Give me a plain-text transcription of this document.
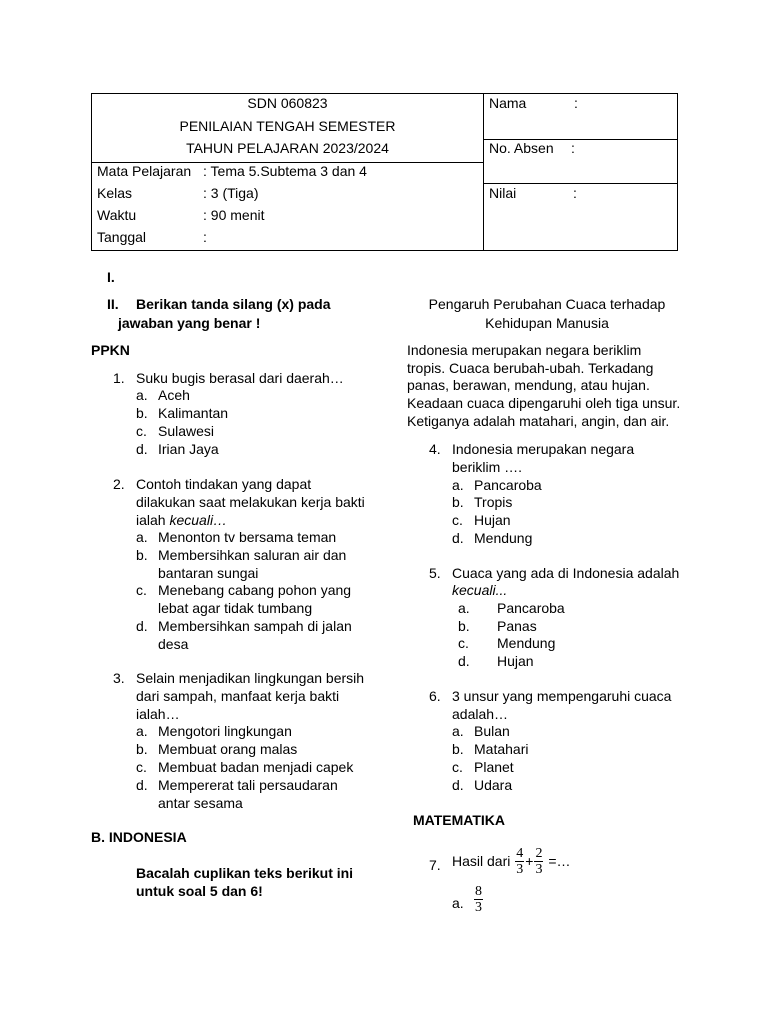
SDN 060823
PENILAIAN TENGAH SEMESTER
TAHUN PELAJARAN 2023/2024
Mata Pelajaran : Tema 5.Subtema 3 dan 4
Kelas	: 3 (Tiga)
Waktu	: 90 menit
Tanggal	:
Nama	:
No. Absen :
Nilai	:
I.
II. Berikan tanda silang (x) pada
jawaban yang benar !
PPKN
1. Suku bugis berasal dari daerah…
a. Aceh
b. Kalimantan
c. Sulawesi
d. Irian Jaya
2. Contoh tindakan yang dapat
dilakukan saat melakukan kerja bakti
ialah kecuali…
a. Menonton tv bersama teman
b. Membersihkan saluran air dan
bantaran sungai
c. Menebang cabang pohon yang
lebat agar tidak tumbang
d. Membersihkan sampah di jalan
desa
3. Selain menjadikan lingkungan bersih
dari sampah, manfaat kerja bakti
ialah…
a. Mengotori lingkungan
b. Membuat orang malas
c. Membuat badan menjadi capek
d. Mempererat tali persaudaran
antar sesama
B. INDONESIA
Bacalah cuplikan teks berikut ini
untuk soal 5 dan 6!
Pengaruh Perubahan Cuaca terhadap
Kehidupan Manusia
Indonesia merupakan negara beriklim
tropis. Cuaca berubah-ubah. Terkadang
panas, berawan, mendung, atau hujan.
Keadaan cuaca dipengaruhi oleh tiga unsur.
Ketiganya adalah matahari, angin, dan air.
4. Indonesia merupakan negara
beriklim ….
a. Pancaroba
b. Tropis
c. Hujan
d. Mendung
5. Cuaca yang ada di Indonesia adalah
kecuali...
a. Pancaroba
b. Panas
c. Mendung
d. Hujan
6. 3 unsur yang mempengaruhi cuaca
adalah…
a. Bulan
b. Matahari
c. Planet
d. Udara
MATEMATIKA
7. Hasil dari $\frac{4}{3} + \frac{2}{3}$ =…
a. $\frac{8}{3}$
